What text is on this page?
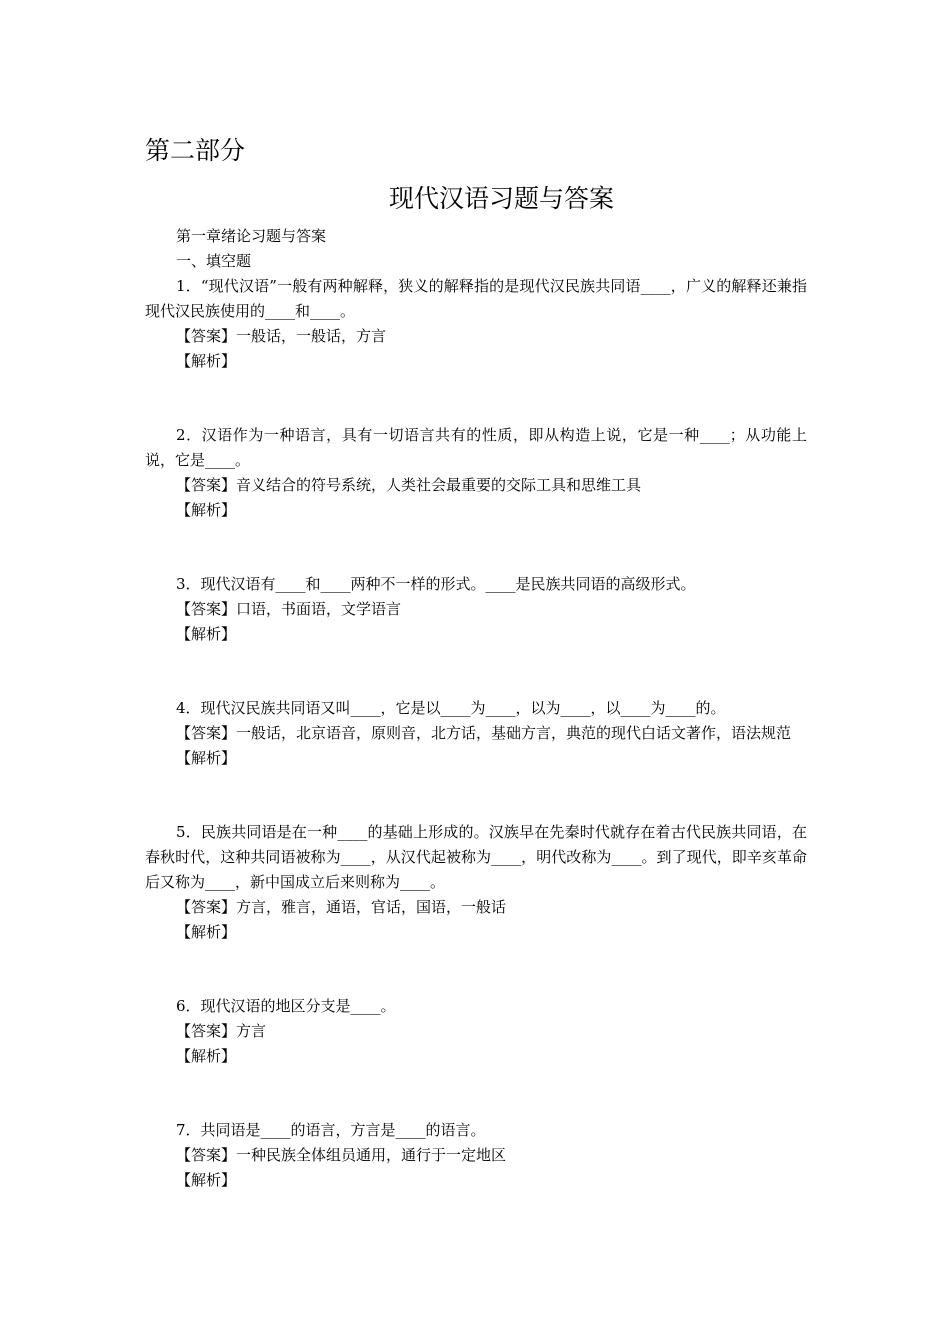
第二部分
现代汉语习题与答案
第一章绪论习题与答案
一、填空题
1．“现代汉语”一般有两种解释，狭义的解释指的是现代汉民族共同语____，广义的解释还兼指现代汉民族使用的____和____。
【答案】一般话，一般话，方言
【解析】
2．汉语作为一种语言，具有一切语言共有的性质，即从构造上说，它是一种____；从功能上说，它是____。
【答案】音义结合的符号系统，人类社会最重要的交际工具和思维工具
【解析】
3．现代汉语有____和____两种不一样的形式。____是民族共同语的高级形式。
【答案】口语，书面语，文学语言
【解析】
4．现代汉民族共同语又叫____，它是以____为____，以为____，以____为____的。
【答案】一般话，北京语音，原则音，北方话，基础方言，典范的现代白话文著作，语法规范
【解析】
5．民族共同语是在一种____的基础上形成的。汉族早在先秦时代就存在着古代民族共同语，在春秋时代，这种共同语被称为____，从汉代起被称为____，明代改称为____。到了现代，即辛亥革命后又称为____，新中国成立后来则称为____。
【答案】方言，雅言，通语，官话，国语，一般话
【解析】
6．现代汉语的地区分支是____。
【答案】方言
【解析】
7．共同语是____的语言，方言是____的语言。
【答案】一种民族全体组员通用，通行于一定地区
【解析】
